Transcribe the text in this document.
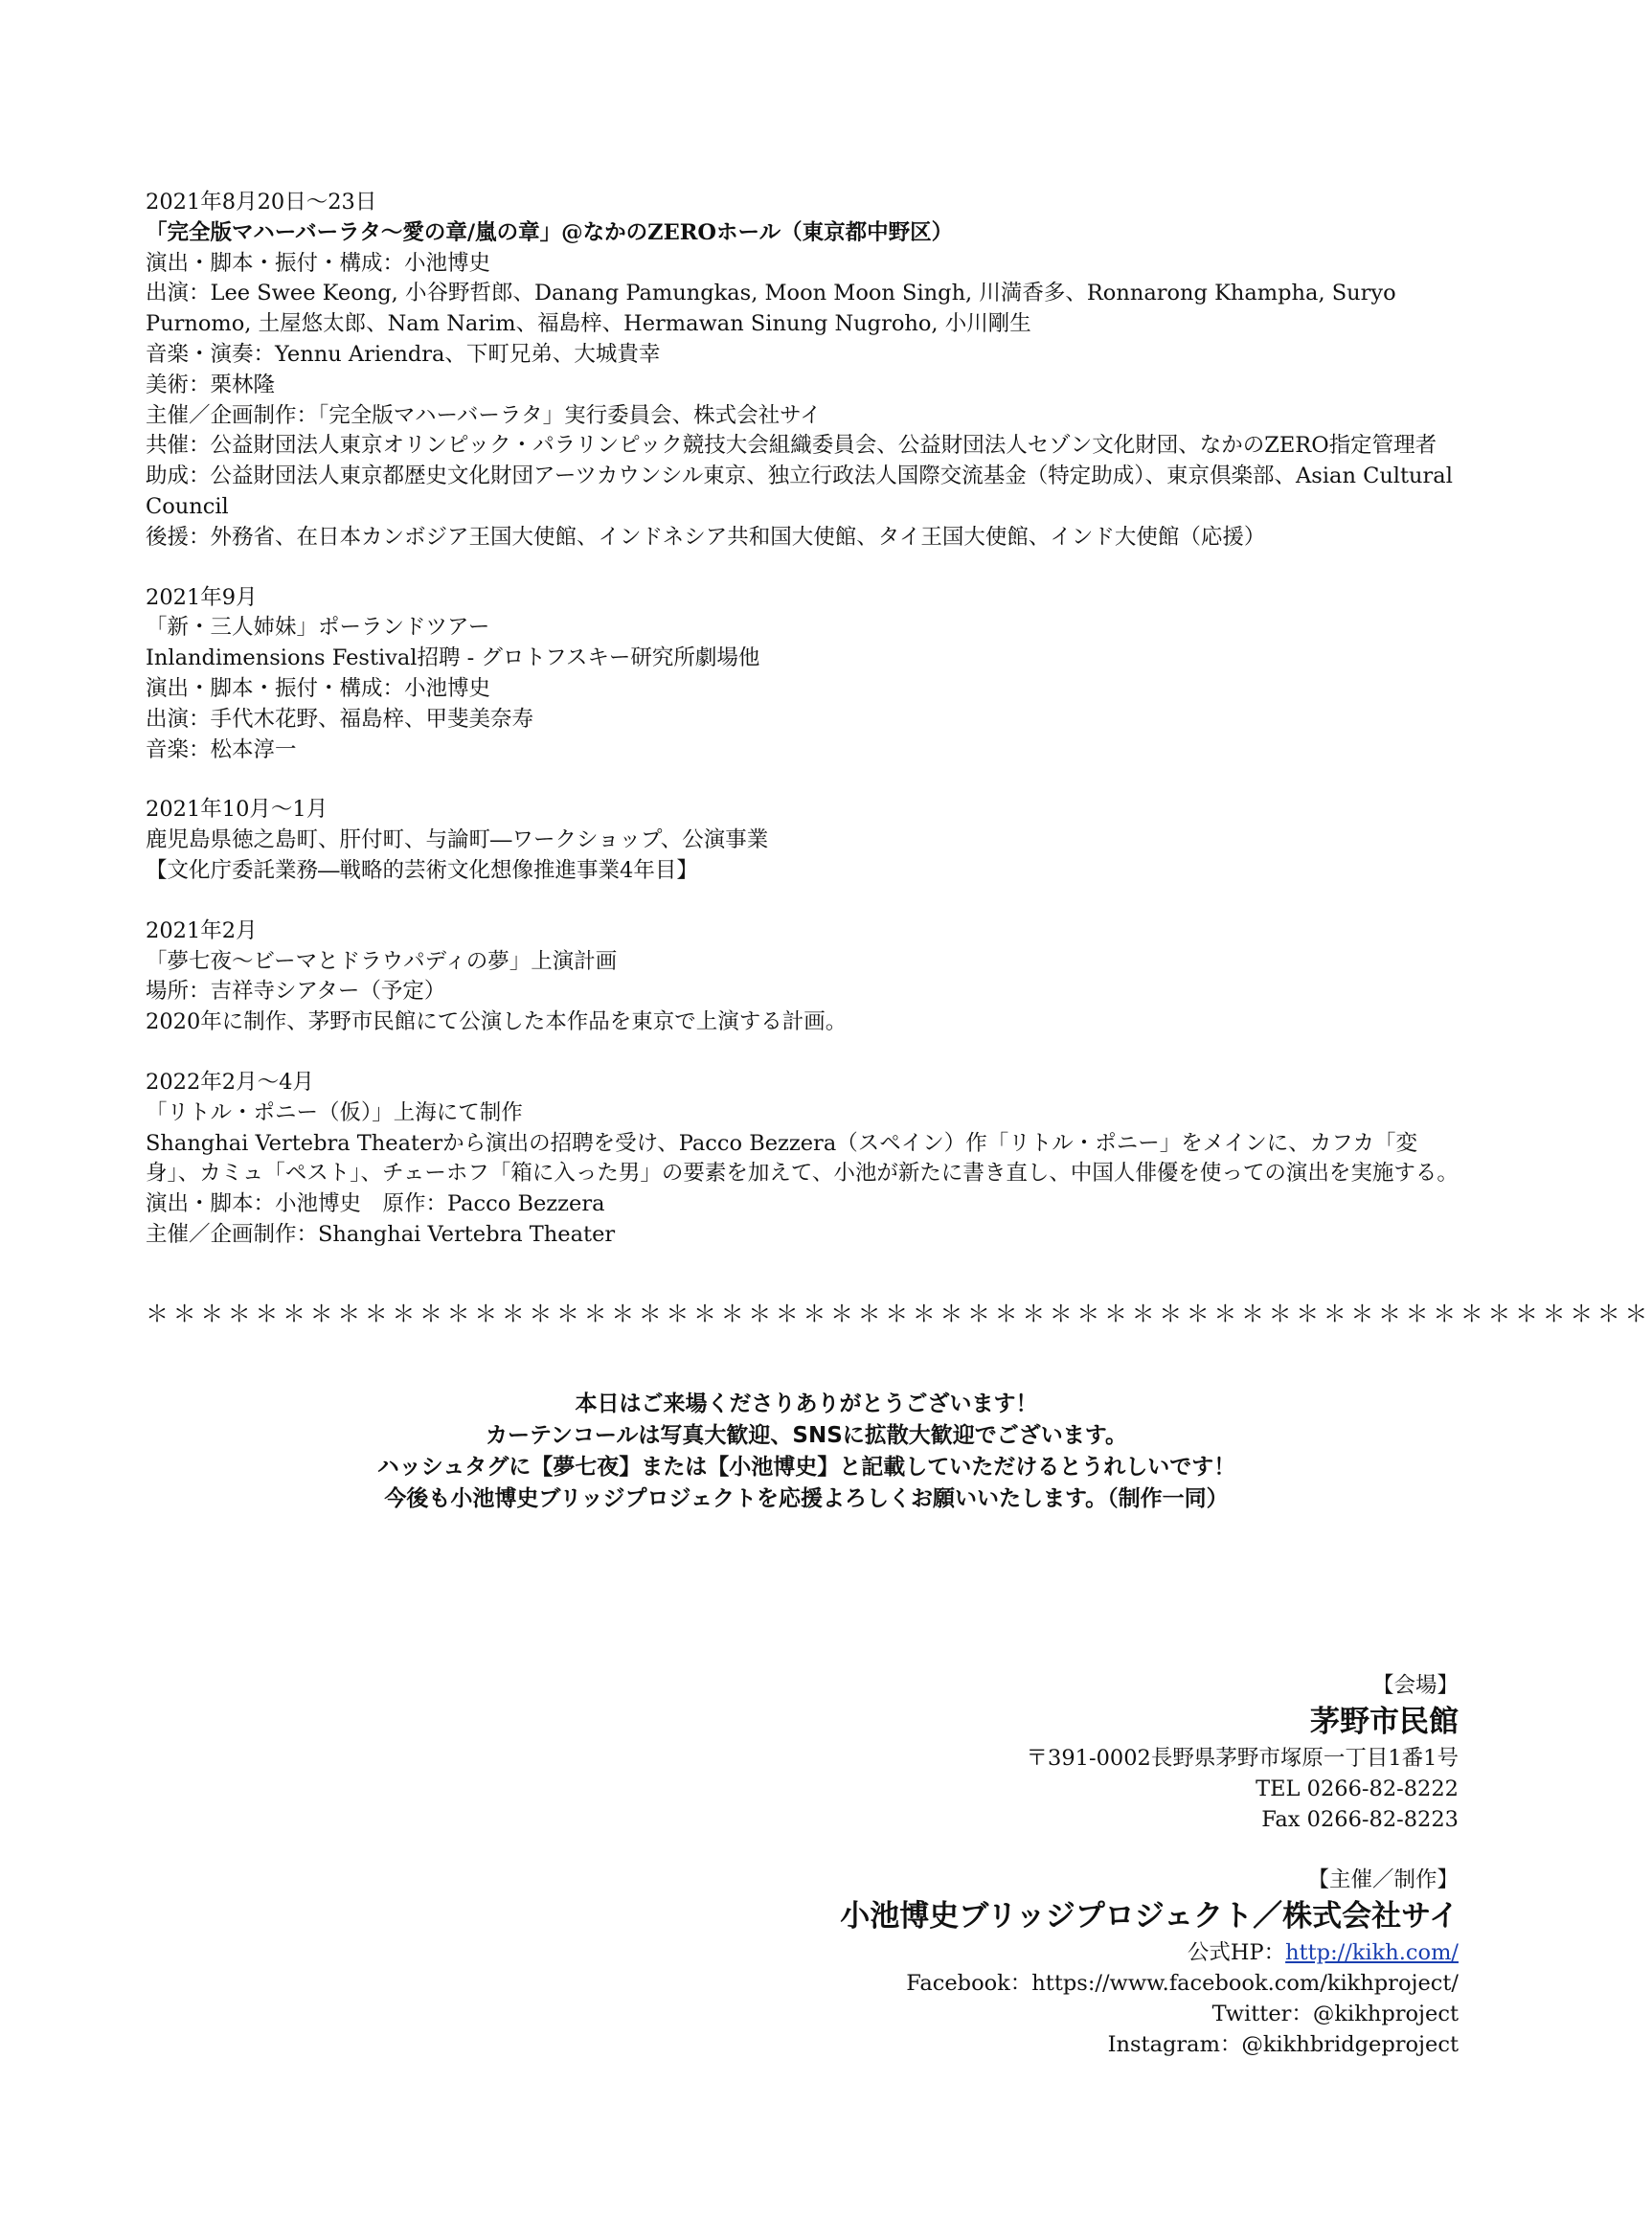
2021年8月20日～23日

「完全版マハーバーラタ～愛の章/嵐の章」@なかのZEROホール（東京都中野区）

演出・脚本・振付・構成：小池博史

出演：Lee Swee Keong, 小谷野哲郎、Danang Pamungkas, Moon Moon Singh, 川満香多、Ronnarong Khampha, Suryo Purnomo, 土屋悠太郎、Nam Narim、福島梓、Hermawan Sinung Nugroho, 小川剛生

音楽・演奏：Yennu Ariendra、下町兄弟、大城貴幸

美術：栗林隆

主催／企画制作：「完全版マハーバーラタ」実行委員会、株式会社サイ

共催：公益財団法人東京オリンピック・パラリンピック競技大会組織委員会、公益財団法人セゾン文化財団、なかのZERO指定管理者

助成：公益財団法人東京都歴史文化財団アーツカウンシル東京、独立行政法人国際交流基金（特定助成）、東京倶楽部、Asian Cultural Council

後援：外務省、在日本カンボジア王国大使館、インドネシア共和国大使館、タイ王国大使館、インド大使館（応援）

2021年9月

「新・三人姉妹」ポーランドツアー

Inlandimensions Festival招聘 - グロトフスキー研究所劇場他

演出・脚本・振付・構成：小池博史

出演：手代木花野、福島梓、甲斐美奈寿

音楽：松本淳一

2021年10月～1月

鹿児島県徳之島町、肝付町、与論町―ワークショップ、公演事業

【文化庁委託業務―戦略的芸術文化想像推進事業4年目】

2021年2月

「夢七夜～ビーマとドラウパディの夢」上演計画

場所：吉祥寺シアター（予定）

2020年に制作、茅野市民館にて公演した本作品を東京で上演する計画。

2022年2月～4月

「リトル・ポニー（仮）」上海にて制作

Shanghai Vertebra Theaterから演出の招聘を受け、Pacco Bezzera（スペイン）作「リトル・ポニー」をメインに、カフカ「変身」、カミュ「ペスト」、チェーホフ「箱に入った男」の要素を加えて、小池が新たに書き直し、中国人俳優を使っての演出を実施する。

演出・脚本：小池博史　原作：Pacco Bezzera

主催／企画制作：Shanghai Vertebra Theater

＊＊＊＊＊＊＊＊＊＊＊＊＊＊＊＊＊＊＊＊＊＊＊＊＊＊＊＊＊＊＊＊＊＊＊＊＊＊＊＊＊＊＊＊＊＊＊＊＊＊＊＊＊＊＊
本日はご来場くださりありがとうございます！
カーテンコールは写真大歓迎、SNSに拡散大歓迎でございます。
ハッシュタグに【夢七夜】または【小池博史】と記載していただけるとうれしいです！
今後も小池博史ブリッジプロジェクトを応援よろしくお願いいたします。（制作一同）
【会場】
茅野市民館
〒391-0002長野県茅野市塚原一丁目1番1号
TEL 0266-82-8222
Fax 0266-82-8223
【主催／制作】
小池博史ブリッジプロジェクト／株式会社サイ
公式HP：http://kikh.com/
Facebook：https://www.facebook.com/kikhproject/
Twitter：@kikhproject
Instagram：@kikhbridgeproject
